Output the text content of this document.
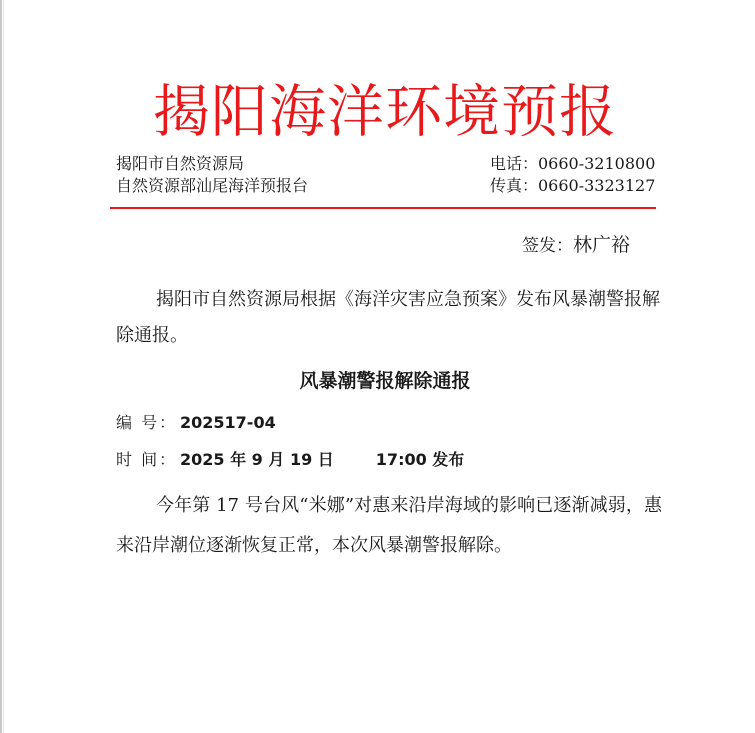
揭阳海洋环境预报
揭阳市自然资源局
自然资源部汕尾海洋预报台
电话：0660-3210800
传真：0660-3323127
签发：林广裕
揭阳市自然资源局根据《海洋灾害应急预案》发布风暴潮警报解除通报。
风暴潮警报解除通报
编 号： 202517-04
时 间： 2025 年 9 月 19 日	17:00 发布
今年第 17 号台风“米娜”对惠来沿岸海域的影响已逐渐减弱，惠来沿岸潮位逐渐恢复正常，本次风暴潮警报解除。
